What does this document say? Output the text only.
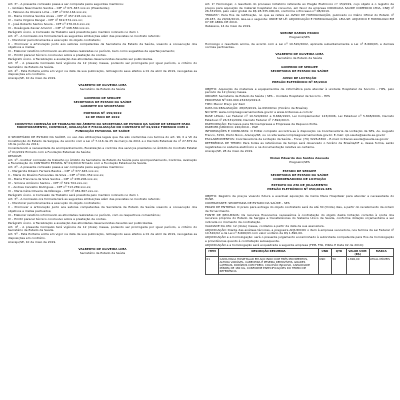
Art. 3º - A presente comissão passa a ser composta pelos seguintes membros:

I – Gildásio Nascimento Santos – CPF nº 071.847.xxx-xx (Presidente);

II – Fabiano de Oliveira Lima – CPF nº 032.164.xxx-xx;

III – Maria Cristina Santos Alves – CPF nº 457.218.xxx-xx;

IV – Carla Virginia Rangel – CPF nº 819.574.xxx-xx;

V – José Roberto Santos Souza – CPF nº 276.014.xxx-xx;

VI – Rosângela Xavier Amorim – CPF nº 198.560.xxx-xx.

Parágrafo único. A Comissão de Trabalho será presidida pelo membro indicado no item I.

Art. 2º - A Comissão ora formada terá as seguintes atribuições além das previstas no Contrato referido:

I – Monitorar periodicamente a execução do objeto contratado;

II – Promover a articulação junto aos setores competentes da Secretaria de Estado da Saúde, visando a consecução dos objetivos e metas;

III – Elaborar relatório informando as atividades realizadas no período, bem como sugestões de aperfeiçoamento;

IV – Emitir parecer técnico conclusivo sobre a prestação de contas.

Parágrafo único. A fiscalização e avaliação das atividades desenvolvidas deverão ser publicizadas.

Art. 3º - A presente Comissão terá vigência de 12 (doze) meses, podendo ser prorrogada por igual período, a critério do Secretário de Estado da Saúde.

Art. 4º - Esta Portaria entra em vigor na data de sua publicação, retroagindo seus efeitos a 01 de abril de 2019, revogadas as disposições em contrário.

Aracaju/SE, 10 de maio de 2019.

VALBERTO DE OLIVEIRA LIMA

Secretário de Estado da Saúde

GOVERNO DE SERGIPE

SECRETARIA DE ESTADO DA SAÚDE

GABINETE DO SECRETÁRIO

PORTARIA Nº 159/2019

10 DE MAIO DE 2019

CONSTITUI COMISSÃO DE TRABALHO NO ÂMBITO DA SECRETARIA DE ESTADO DA SAÚDE DE SERGIPE PARA MONITORAMENTO, CONTROLE, AVALIAÇÃO E FISCALIZAÇÃO DO CONTRATO Nº 01/2019 FIRMADO COM A FUNDAÇÃO ESTADUAL DE SAÚDE

O SECRETÁRIO DE ESTADO DA SAÚDE, no uso das atribuições legais que lhe são conferidas nos termos do art. 90, II e VII da Constituição do Estado de Sergipe, de acordo com a Lei nº 7.116 de 25 de março de 2011 e o Decreto Estadual de nº 27.879 de 18 de junho de 2011;

Considerando a necessidade de acompanhamento, fiscalização e controle dos serviços prestados no âmbito do Contrato Estatal nº 01/2019 firmado com a Fundação Estadual de Saúde;

RESOLVE:

Art. 1º - Instituir comissão de trabalho no âmbito da Secretaria de Estado da Saúde para Acompanhamento, Controle, Avaliação e Fiscalização do CONTRATO ESTATAL Nº 01/2019 firmado com a Fundação Estadual de Saúde.

Art. 2º - A presente comissão passa a ser composta pelos seguintes membros:

I – Margarida Ribeiro Ferreira Bastos – CPF nº 377.645.xxx-xx;

II – Maria do Rosário Fernandes da Silva – CPF nº 091.352.xxx-xx;

III – Maria Francisca da Silva Santos – CPF nº 438.206.xxx-xx;

IV – Simone Amâncio Santos – CPF nº 519.704.xxx-xx;

V – Andrea Carvalho Rodrigues – CPF nº 713.289.xxx-xx;

VI – Maria Célia Oliveira da Nóbrega – CPF nº 081.867.xxx-xx.

Parágrafo único. A Comissão de Trabalho será presidida pelo membro indicado no item I.

Art. 3º - A Comissão ora formada terá as seguintes atribuições além das previstas no Contrato referido:

I – Monitorar periodicamente a execução do objeto contratado;

II – Promover a articulação junto aos setores competentes da Secretaria de Estado da Saúde visando a consecução dos objetivos e metas pactuados;

III – Elaborar relatório informando as atividades realizadas no período, com os respectivos comentários;

IV – Emitir parecer técnico conclusivo sobre a prestação de contas.

Parágrafo único. A fiscalização e avaliação das atividades desenvolvidas deverão ser publicizadas.

Art. 4º - A presente Comissão terá vigência de 12 (doze) meses, podendo ser prorrogada por igual período, a critério do Secretário de Estado da Saúde.

Art. 5º - Esta Portaria entra em vigor na data de sua publicação, retroagindo seus efeitos a 01 de abril de 2019, revogadas as disposições em contrário.

Aracaju/SE, 10 de maio de 2019.

VALBERTO DE OLIVEIRA LIMA

Secretário de Estado da Saúde

Art. 1º Homologar, o resultado do processo licitatório referente ao Pregão Eletrônico nº 15/2019, cujo objeto é o registro de preços para aquisição de material hospitalar de consumo, em favor da empresa CIRURGICA SAUDE COMERCIO LTDA, CNPJ nº 26.331509, pelo valor global de R$ 28.335.000,00, conforme o Processo nº 08/2019.

"ERRATA": Para fins de retificação, no que se refere ao AVISO DE HOMOLOGAÇÃO, publicado no Diário Oficial do Estado nº 28.187, de 29/04/2019, leia-se o seguinte: ONDE SE LÊ: ADJUDICAÇÃO E HOMOLOGAÇÃO. LEIA-SE: ADJUDICO E HOMOLOGO EM 07 DE ABRIL DE 2019.

Itabaiana, 14 de maio de 2019.

SIMONE RAMOS PRADO

Pregoeira/SES

Homologo o resultado acima, de acordo com a Lei nº 10.520/2002, aplicada subsidiariamente a Lei nº 8.666/93, e demais normas pertinentes.

VALBERTO DE OLIVEIRA LIMA

Secretário de Estado da Saúde

GOVERNO DE SERGIPE

SECRETARIA DE ESTADO DA SAÚDE

AVISO DE LICITAÇÃO

PREGÃO ELETRÔNICO Nº 85/2019

OBJETO: Aquisição de materiais e equipamentos de informática para atender à unidade Hospitalar de Socorro – HPS, pelo período de 12 (doze) meses.

ORIGEM: Secretaria de Estado da Saúde / SES – Unidade Hospitalar de Socorro – HPS

PROCESSO Nº 020.000.23432/2019-6

TIPO: Menor Preço por item

DATA DA REALIZAÇÃO: 28/05/2019, às 09h00min (Horário de Brasília)

NO SITE: www.comprasgovernamentais.gov.br e www.licitacoes-e.com.br

BASE LEGAL: Lei Federal nº 10.520/2002 e 8.666/1993, Lei Complementar 123/2006, Lei Estadual nº 5.848/2006, Decreto Estadual nº 26.531/2009, Decreto Federal nº 7.892/2013.

PARTICIPAÇÃO: Exclusiva para Microempresas e Empresas de Pequeno Porte.

PARECER JURÍDICO: 220/2019 – PGE

INFORMAÇÕES E CONSULTAS: O Edital completo encontra-se à disposição na Coordenadoria de Licitação da SES, Av. Augusto Franco, 3150, Ponto Novo, Aracaju/SE, ou no site www.comprasgovernamentais.gov.br. E-mail: cpl.saude@saude.se.gov.br

ESCLARECIMENTOS: Coordenadoria de Licitação da Saúde – Fone: (79) 3226-8300 – E-mail: licitacao.saude@saude.se.gov.br

REFERÊNCIA DE TEMPO: Para todas as referências de tempo será observado o horário de Brasília/DF e, dessa forma, serão registradas no sistema eletrônico e na documentação relativa ao certame.

Aracaju/SE, 28 de maio de 2019.

Vivian Eduardo dos Santos Azevedo

Pregoeiro/SES

ESTADO DE SERGIPE

SECRETARIA DE ESTADO DA SAÚDE

COORDENADORIA DE LICITAÇÃO

EXTRATO DA ATA DE JULGAMENTO

PREGÃO ELETRÔNICO Nº 056/2019-SES

OBJETO: Registro de preços visando futura e eventual aquisição de Cama Maca Hospitalar para atender a necessidade do HUSE.

CONTRATANTE: SECRETARIA DE ESTADO DA SAÚDE – SES

PRAZO DE ENTREGA: O prazo para entrega do objeto contratado será de até 30 (trinta) dias, a partir do recebimento da ordem de fornecimento.

FONTE DE RECURSOS: Os recursos financeiros necessários à contratação do objeto desta licitação correrão à conta dos recursos próprios do Estado de Sergipe e transferências do Sistema Único de Saúde, conforme dotação orçamentária a ser indicada no momento da contratação.

VALIDADE DA ATA: 12 (doze) meses, contados a partir da data de sua assinatura.

ADJUDICAÇÃO: Diante das análises técnicas, a pregoeira ADJUDICOU o item à empresa vencedora, nos termos da Lei Federal nº 10.520/02 e da Lei nº 8.666/93 com valor unitário de R$ 1.890,00.

ADJUDICAÇÃO e a homologação: será o presente julgamento encaminhado à autoridade competente para fins de homologação e providências quanto à contratação subsequente.

ADJUDICAÇÃO e a homologação será enquadrada a seguinte empresa (FPPL FISI, PIRAL E Data 02 de 2019):

ITEM	DESCRIÇÃO RESUMIDA	UND	QTD	VALOR UNIT. (R$)	MARCA
01	CAMA MACA HOSPITALAR EM AÇO INOX COM TRÊS MOVIMENTOS, ALTURA VARIÁVEL, CABECEIRA E PESEIRA REMOVÍVEIS, GRADES LATERAIS, RODÍZIOS COM FREIO, COLCHÃO INCLUSO, CAPACIDADE MÍNIMA DE 180 KG, CONFORME ESPECIFICAÇÕES DO TERMO DE REFERÊNCIA	UND	50	1.890,00	ATUAL MÓVEIS
